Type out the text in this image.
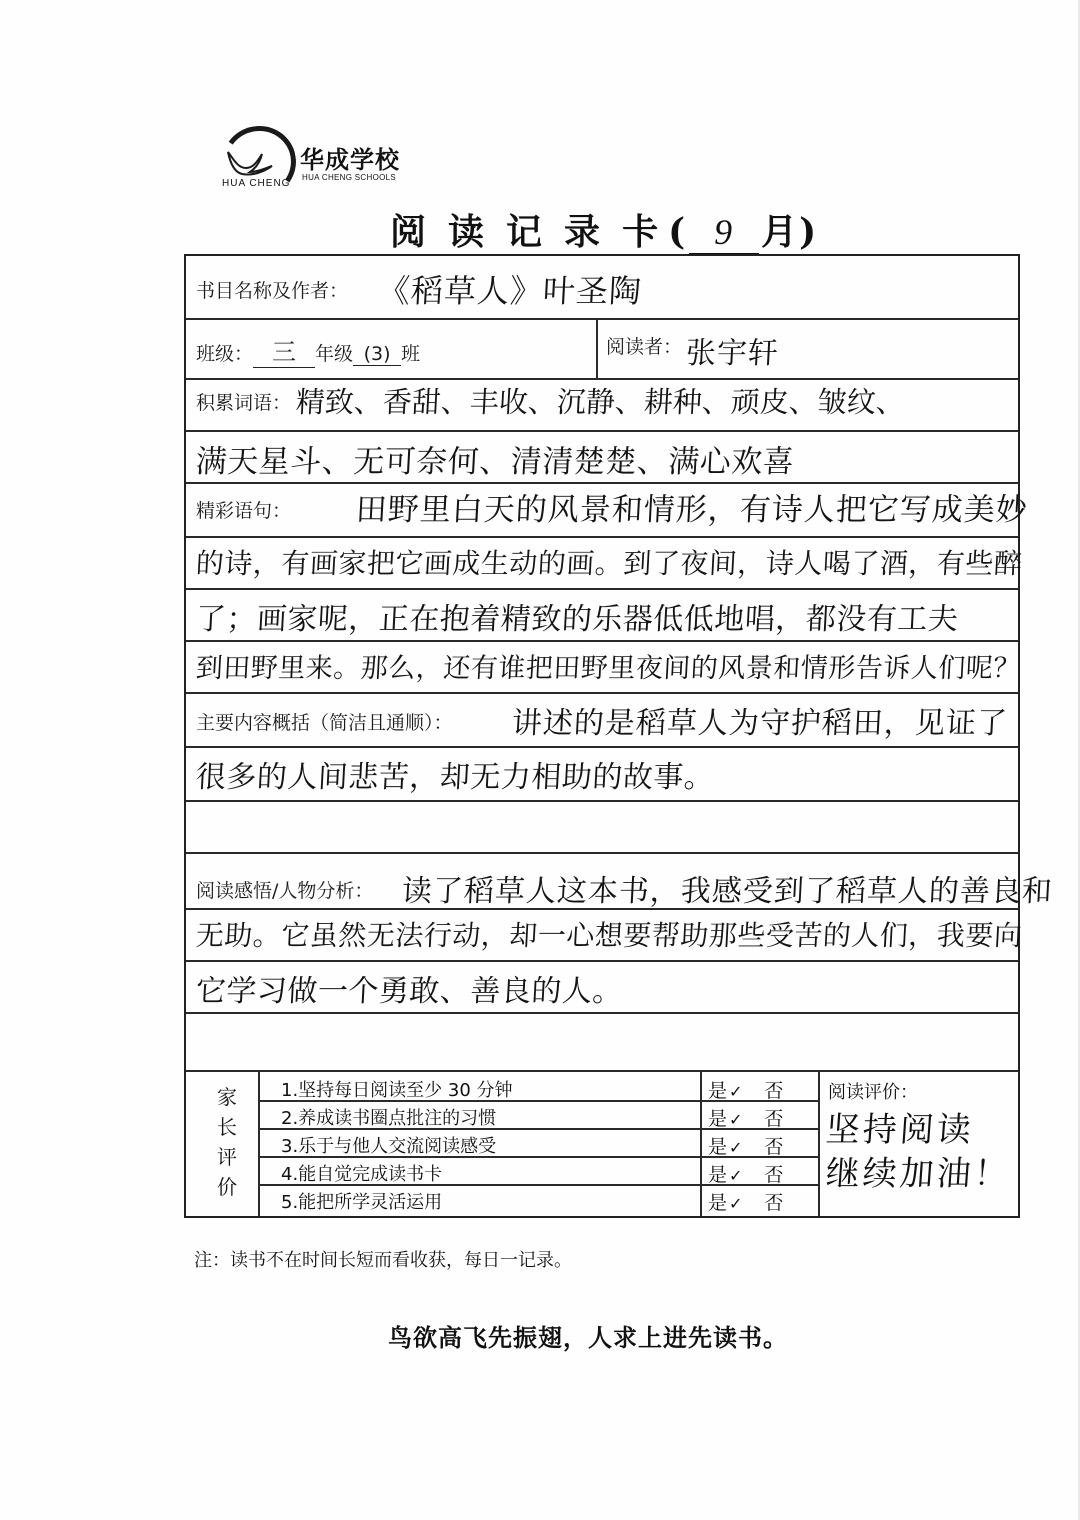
HUA CHENG
华成学校
HUA CHENG SCHOOLS
阅 读 记 录 卡 ( 9 月)
书目名称及作者： 《稻草人》叶圣陶
班级： 三 年级 (3) 班	阅读者： 张宇轩
积累词语： 精致、香甜、丰收、沉静、耕种、顽皮、皱纹、
满天星斗、无可奈何、清清楚楚、满心欢喜
精彩语句： 田野里白天的风景和情形，有诗人把它写成美妙
的诗，有画家把它画成生动的画。到了夜间，诗人喝了酒，有些醉
了；画家呢，正在抱着精致的乐器低低地唱，都没有工夫
到田野里来。那么，还有谁把田野里夜间的风景和情形告诉人们呢？
主要内容概括（简洁且通顺）： 讲述的是稻草人为守护稻田，见证了
很多的人间悲苦，却无力相助的故事。
阅读感悟/人物分析： 读了稻草人这本书，我感受到了稻草人的善良和
无助。它虽然无法行动，却一心想要帮助那些受苦的人们，我要向
它学习做一个勇敢、善良的人。
家
长
评
价
1.坚持每日阅读至少 30 分钟	是 ✓ 否
2.养成读书圈点批注的习惯	是 ✓ 否
3.乐于与他人交流阅读感受	是 ✓ 否
4.能自觉完成读书卡	是 ✓ 否
5.能把所学灵活运用	是 ✓ 否
阅读评价：
坚持阅读
继续加油！
注：读书不在时间长短而看收获，每日一记录。
鸟欲高飞先振翅，人求上进先读书。
